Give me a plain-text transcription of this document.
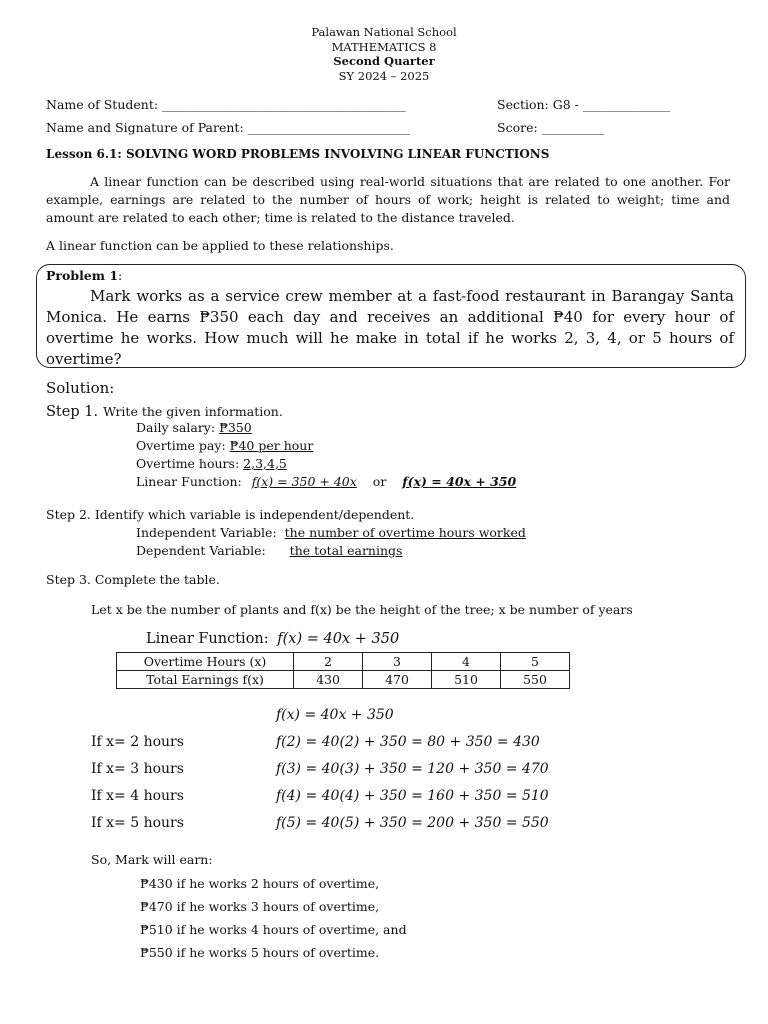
Palawan National School
MATHEMATICS 8
Second Quarter
SY 2024 – 2025
Name of Student: _______________________________________	Section: G8 - ______________
Name and Signature of Parent: __________________________	Score: __________
Lesson 6.1: SOLVING WORD PROBLEMS INVOLVING LINEAR FUNCTIONS
A linear function can be described using real-world situations that are related to one another. For example, earnings are related to the number of hours of work; height is related to weight; time and amount are related to each other; time is related to the distance traveled.
A linear function can be applied to these relationships.
Problem 1:
Mark works as a service crew member at a fast-food restaurant in Barangay Santa Monica. He earns ₱350 each day and receives an additional ₱40 for every hour of overtime he works. How much will he make in total if he works 2, 3, 4, or 5 hours of overtime?
Solution:
Step 1. Write the given information.
Daily salary: ₱350
Overtime pay: ₱40 per hour
Overtime hours: 2,3,4,5
Linear Function: f(x) = 350 + 40x or f(x) = 40x + 350
Step 2. Identify which variable is independent/dependent.
Independent Variable: the number of overtime hours worked
Dependent Variable: the total earnings
Step 3. Complete the table.
Let x be the number of plants and f(x) be the height of the tree; x be number of years
Linear Function: f(x) = 40x + 350
Overtime Hours (x)	2	3	4	5
Total Earnings f(x)	430	470	510	550
f(x) = 40x + 350
If x= 2 hours	f(2) = 40(2) + 350 = 80 + 350 = 430
If x= 3 hours	f(3) = 40(3) + 350 = 120 + 350 = 470
If x= 4 hours	f(4) = 40(4) + 350 = 160 + 350 = 510
If x= 5 hours	f(5) = 40(5) + 350 = 200 + 350 = 550
So, Mark will earn:
₱430 if he works 2 hours of overtime,
₱470 if he works 3 hours of overtime,
₱510 if he works 4 hours of overtime, and
₱550 if he works 5 hours of overtime.
